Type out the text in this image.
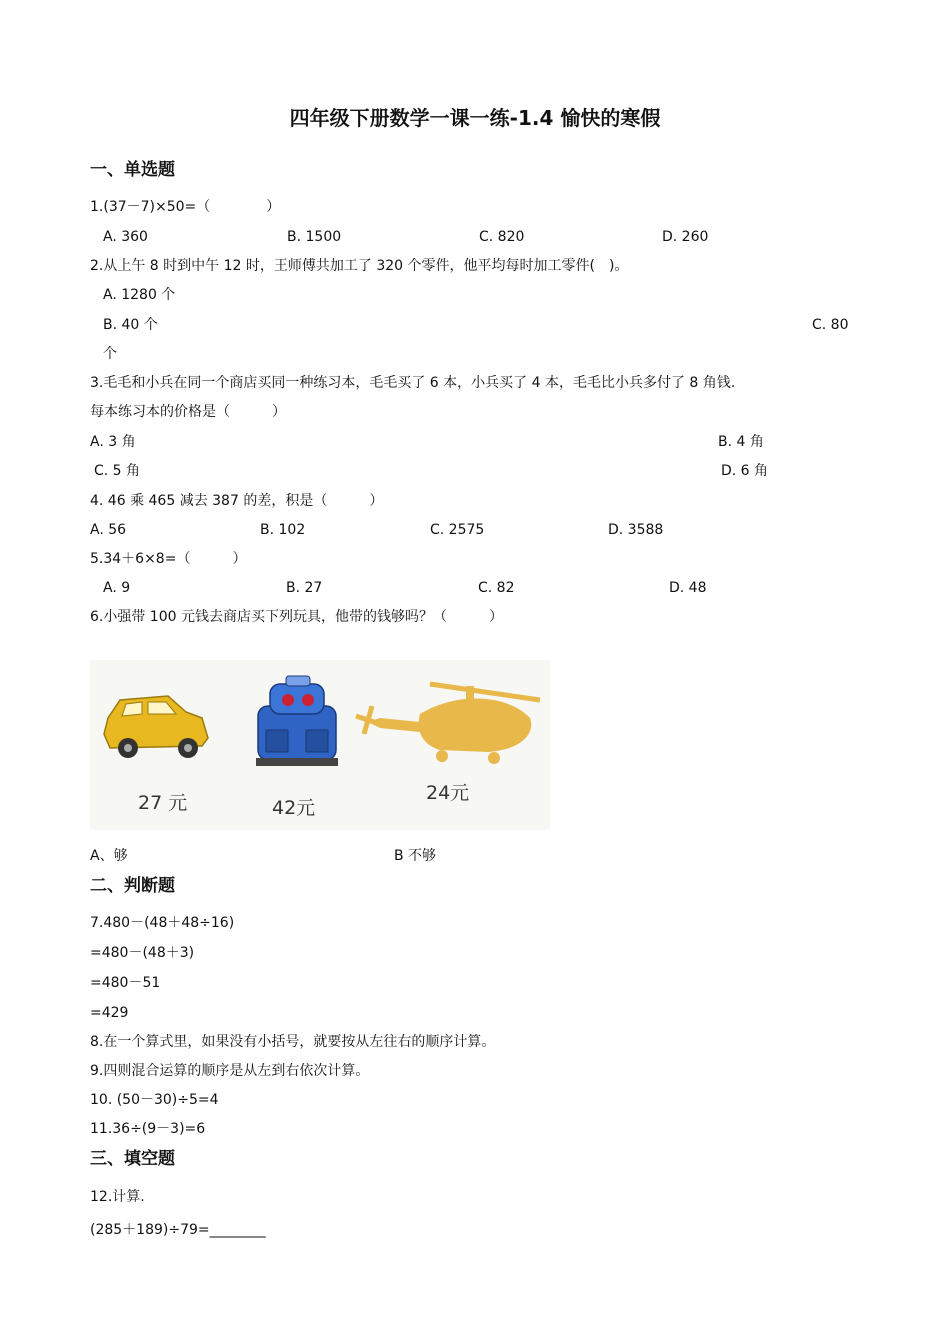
四年级下册数学一课一练-1.4 愉快的寒假
一、单选题
1.(37－7)×50=（　　　　）
A. 360	B. 1500	C. 820	D. 260
2.从上午 8 时到中午 12 时，王师傅共加工了 320 个零件，他平均每时加工零件(　)。
A. 1280 个
B. 40 个	C. 80
个
3.毛毛和小兵在同一个商店买同一种练习本，毛毛买了 6 本，小兵买了 4 本，毛毛比小兵多付了 8 角钱.
每本练习本的价格是（　　　）
A. 3 角	B. 4 角
C. 5 角	D. 6 角
4. 46 乘 465 减去 387 的差，积是（　　　）
A. 56	B. 102	C. 2575	D. 3588
5.34＋6×8=（　　　）
A. 9	B. 27	C. 82	D. 48
6.小强带 100 元钱去商店买下列玩具，他带的钱够吗？（　　　）
27 元	42元
24元
A、够	B 不够
二、判断题
7.480－(48＋48÷16)
=480－(48＋3)
=480－51
=429
8.在一个算式里，如果没有小括号，就要按从左往右的顺序计算。
9.四则混合运算的顺序是从左到右依次计算。
10. (50－30)÷5=4
11.36÷(9－3)=6
三、填空题
12.计算.
(285＋189)÷79=________
